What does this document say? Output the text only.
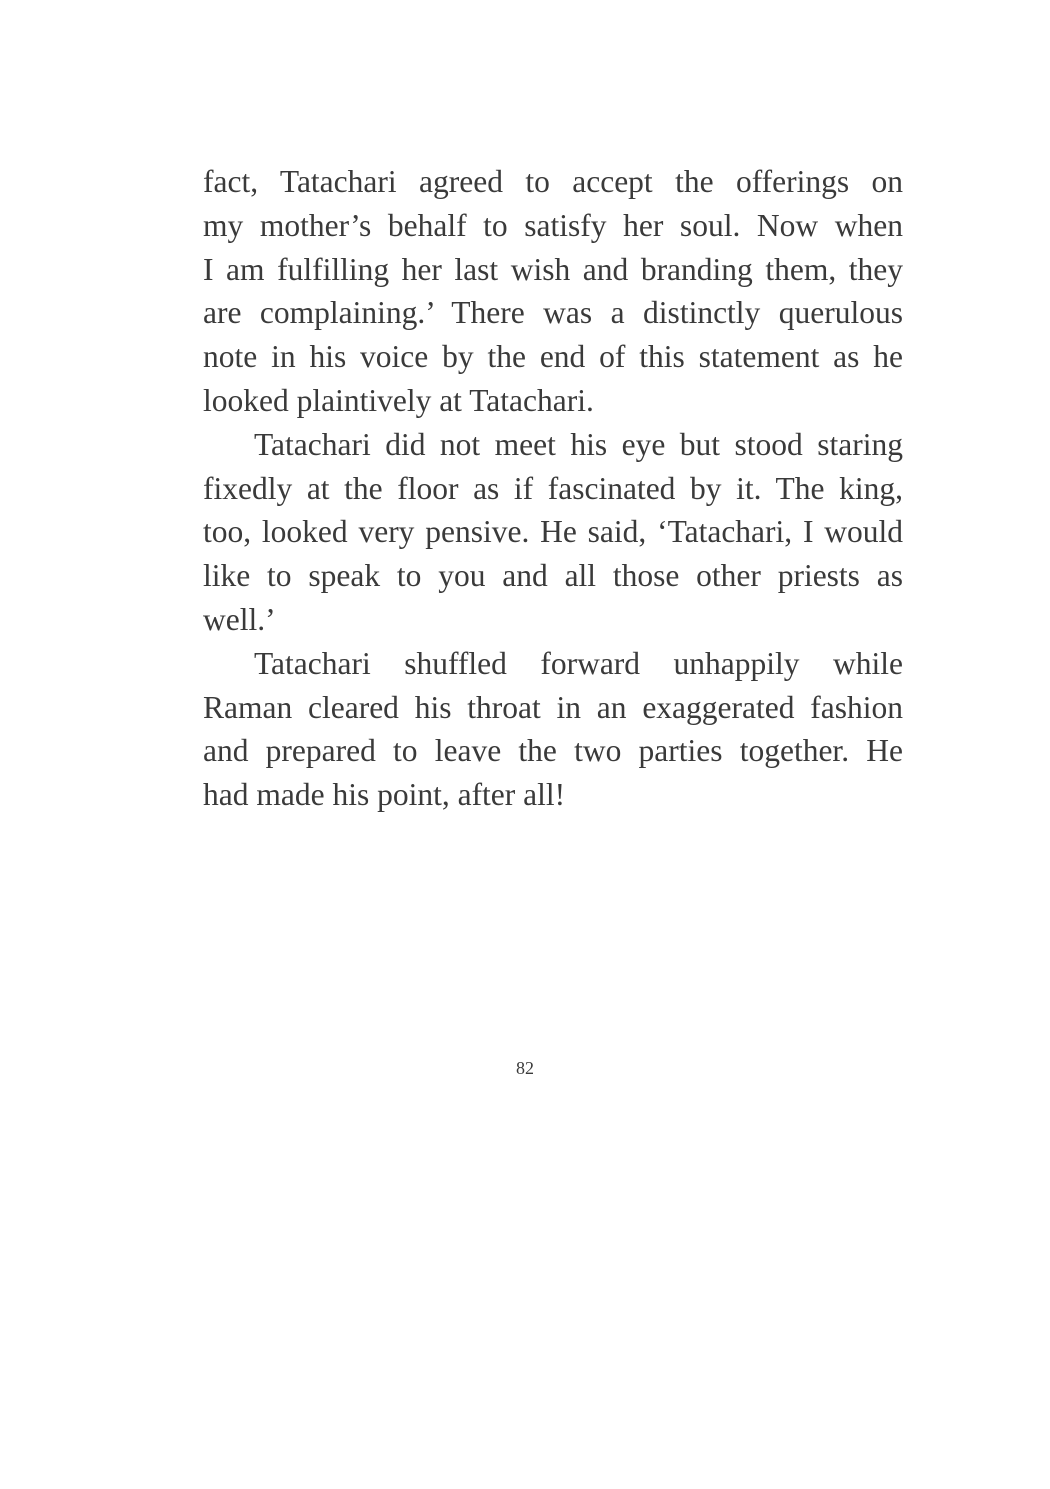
fact, Tatachari agreed to accept the offerings on
my mother’s behalf to satisfy her soul. Now when
I am fulfilling her last wish and branding them, they
are complaining.’ There was a distinctly querulous
note in his voice by the end of this statement as he
looked plaintively at Tatachari.
Tatachari did not meet his eye but stood staring
fixedly at the floor as if fascinated by it. The king,
too, looked very pensive. He said, ‘Tatachari, I would
like to speak to you and all those other priests as
well.’
Tatachari shuffled forward unhappily while
Raman cleared his throat in an exaggerated fashion
and prepared to leave the two parties together. He
had made his point, after all!
82
